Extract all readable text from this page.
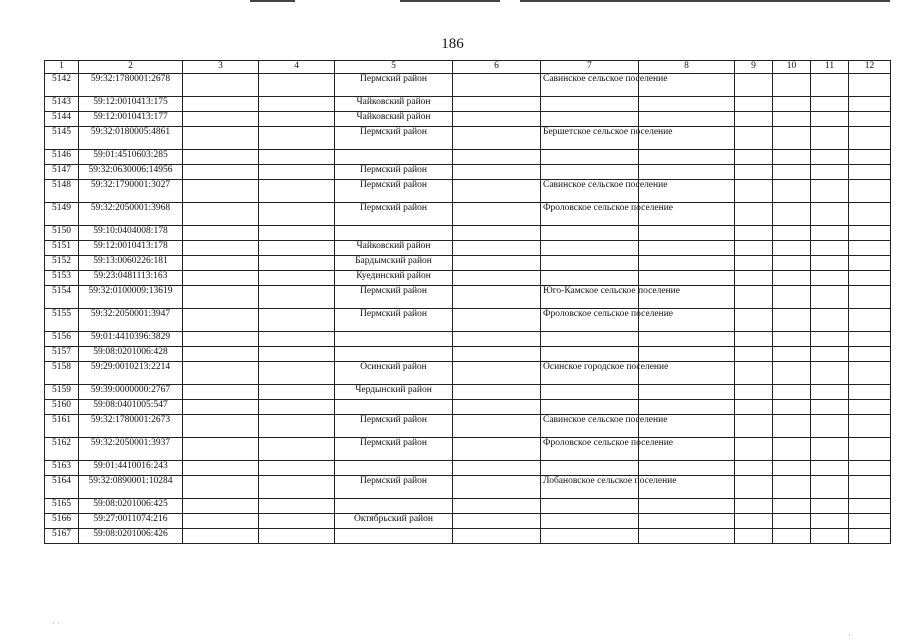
186
1	2	3	4	5	6	7	8	9	10	11	12
5142	59:32:1780001:2678			Пермский район		Савинское сельское поселение					
5143	59:12:0010413:175			Чайковский район							
5144	59:12:0010413:177			Чайковский район							
5145	59:32:0180005:4861			Пермский район		Бершетское сельское поселение					
5146	59:01:4510603:285										
5147	59:32:0630006:14956			Пермский район							
5148	59:32:1790001:3027			Пермский район		Савинское сельское поселение					
5149	59:32:2050001:3968			Пермский район		Фроловское сельское поселение					
5150	59:10:0404008:178										
5151	59:12:0010413:178			Чайковский район							
5152	59:13:0060226:181			Бардымский район							
5153	59:23:0481113:163			Куединский район							
5154	59:32:0100009:13619			Пермский район		Юго-Камское сельское поселение					
5155	59:32:2050001:3947			Пермский район		Фроловское сельское поселение					
5156	59:01:4410396:3829										
5157	59:08:0201006:428										
5158	59:29:0010213:2214			Осинский район		Осинское городское поселение					
5159	59:39:0000000:2767			Чердынский район							
5160	59:08:0401005:547										
5161	59:32:1780001:2673			Пермский район		Савинское сельское поселение					
5162	59:32:2050001:3937			Пермский район		Фроловское сельское поселение					
5163	59:01:4410016:243										
5164	59:32:0890001:10284			Пермский район		Лобановское сельское поселение					
5165	59:08:0201006:425										
5166	59:27:0011074:216			Октябрьский район							
5167	59:08:0201006:426										
· ·
·
